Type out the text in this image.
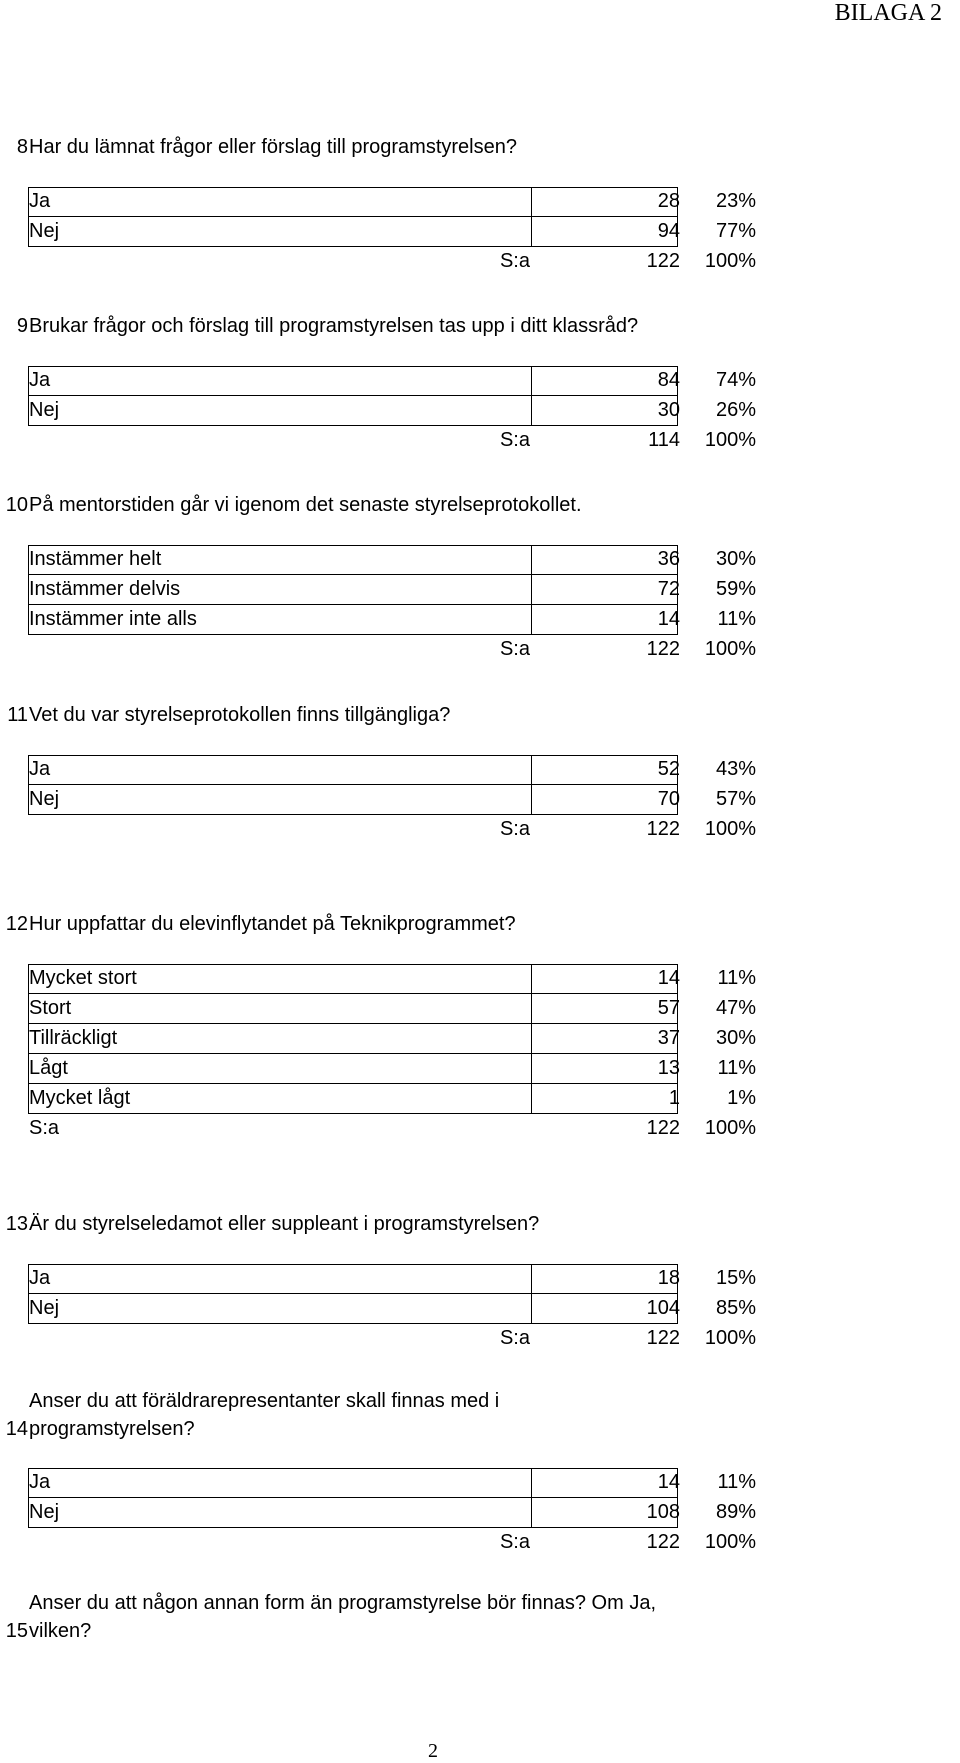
BILAGA 2
8 Har du lämnat frågor eller förslag till programstyrelsen?
Ja	28	23%
Nej	94	77%
S:a	122	100%
9 Brukar frågor och förslag till programstyrelsen tas upp i ditt klassråd?
Ja	84	74%
Nej	30	26%
S:a	114	100%
10 På mentorstiden går vi igenom det senaste styrelseprotokollet.
Instämmer helt	36	30%
Instämmer delvis	72	59%
Instämmer inte alls	14	11%
S:a	122	100%
11 Vet du var styrelseprotokollen finns tillgängliga?
Ja	52	43%
Nej	70	57%
S:a	122	100%
12 Hur uppfattar du elevinflytandet på Teknikprogrammet?
Mycket stort	14	11%
Stort	57	47%
Tillräckligt	37	30%
Lågt	13	11%
Mycket lågt	1	1%
S:a	122	100%
13 Är du styrelseledamot eller suppleant i programstyrelsen?
Ja	18	15%
Nej	104	85%
S:a	122	100%
Anser du att föräldrarepresentanter skall finnas med i
14 programstyrelsen?
Ja	14	11%
Nej	108	89%
S:a	122	100%
Anser du att någon annan form än programstyrelse bör finnas? Om Ja,
15 vilken?
2
